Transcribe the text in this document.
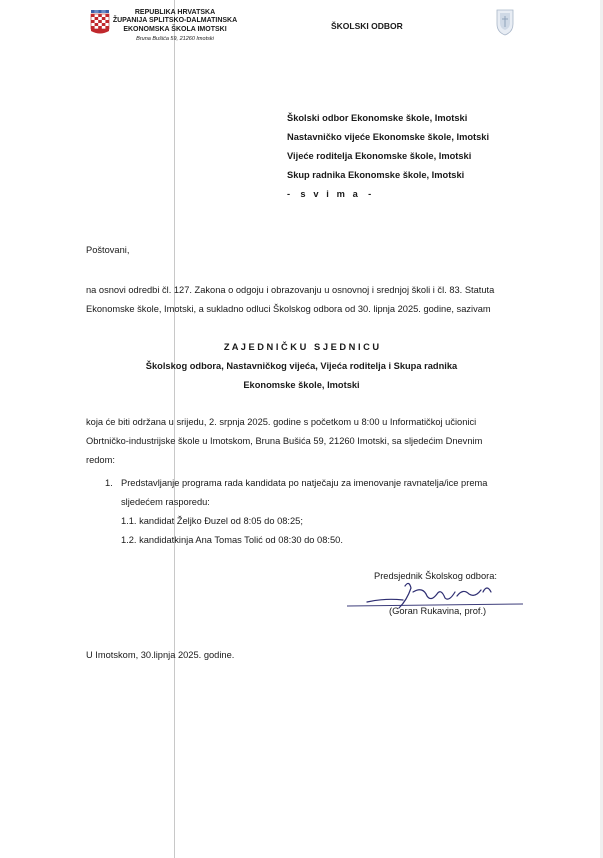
REPUBLIKA HRVATSKA
ŽUPANIJA SPLITSKO-DALMATINSKA
EKONOMSKA ŠKOLA IMOTSKI
Bruna Bušića 59, 21260 Imotski
ŠKOLSKI ODBOR
Školski odbor Ekonomske škole, Imotski
Nastavničko vijeće Ekonomske škole, Imotski
Vijeće roditelja Ekonomske škole, Imotski
Skup radnika Ekonomske škole, Imotski
-    s   v   i   m   a    -
Poštovani,
na osnovi odredbi čl. 127. Zakona o odgoju i obrazovanju u osnovnoj i srednjoj školi i čl. 83. Statuta
Ekonomske škole, Imotski, a sukladno odluci Školskog odbora od 30. lipnja 2025. godine, sazivam
Z A J E D N I Č K U   S J E D N I C U
Školskog odbora, Nastavničkog vijeća, Vijeća roditelja i Skupa radnika
Ekonomske škole, Imotski
koja će biti održana u srijedu, 2. srpnja 2025. godine s početkom u 8:00 u Informatičkoj učionici
Obrtničko-industrijske škole u Imotskom, Bruna Bušića 59, 21260 Imotski, sa sljedećim Dnevnim
redom:
1. Predstavljanje programa rada kandidata po natječaju za imenovanje ravnatelja/ice prema
sljedećem rasporedu:
1.1. kandidat Željko Đuzel od 8:05 do 08:25;
1.2. kandidatkinja Ana Tomas Tolić od 08:30 do 08:50.
Predsjednik Školskog odbora:
(Goran Rukavina, prof.)
U Imotskom, 30.lipnja 2025. godine.
